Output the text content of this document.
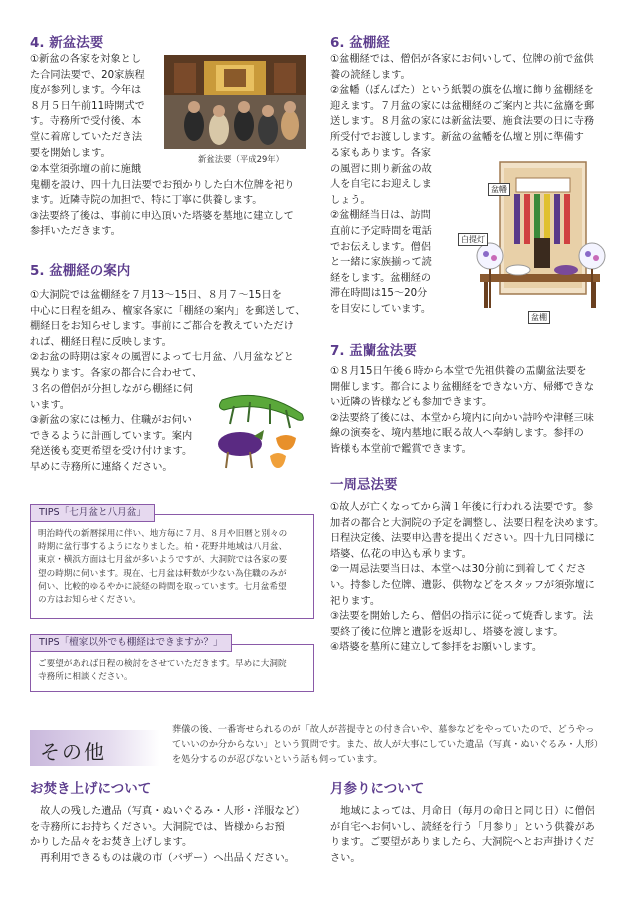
4. 新盆法要
①新盆の各家を対象とし
た合同法要で、20家族程
度が参列します。今年は
８月５日午前11時開式で
す。寺務所で受付後、本
堂に着席していただき法
要を開始します。
新盆法要（平成29年）
②本堂須弥壇の前に施餓
鬼棚を設け、四十九日法要でお預かりした白木位牌を祀り
ます。近隣寺院の加担で、特に丁寧に供養します。
③法要終了後は、事前に申込頂いた塔婆を墓地に建立して
参拝いただきます。
5. 盆棚経の案内
①大洞院では盆棚経を７月13～15日、８月７～15日を
中心に日程を組み、檀家各家に「棚経の案内」を郵送して、
棚経日をお知らせします。事前にご都合を教えていただけ
れば、棚経日程に反映します。
②お盆の時期は家々の風習によって七月盆、八月盆などと
異なります。各家の都合に合わせて、
３名の僧侶が分担しながら棚経に伺
います。
③新盆の家には極力、住職がお伺い
できるように計画しています。案内
発送後も変更希望を受け付けます。
早めに寺務所に連絡ください。
TIPS「七月盆と八月盆」
明治時代の新暦採用に伴い、地方毎に７月、８月や旧暦と別々の
時期に盆行事するようになりました。柏・花野井地域は八月盆、
東京・横浜方面は七月盆が多いようですが、大洞院では各家の要
望の時期に伺います。現在、七月盆は軒数が少ない為住職のみが
伺い、比較的ゆるやかに読経の時間を取っています。七月盆希望
の方はお知らせください。
TIPS「檀家以外でも棚経はできますか？」
ご要望があれば日程の検討をさせていただきます。早めに大洞院
寺務所に相談ください。
6. 盆棚経
①盆棚経では、僧侶が各家にお伺いして、位牌の前で盆供
養の読経します。
②盆幡（ぼんばた）という紙製の旗を仏壇に飾り盆棚経を
迎えます。７月盆の家には盆棚経のご案内と共に盆旛を郵
送します。８月盆の家には新盆法要、施食法要の日に寺務
所受付でお渡しします。新盆の盆幡を仏壇と別に準備す
る家もあります。各家
の風習に則り新盆の故
人を自宅にお迎えしま
しょう。
②盆棚経当日は、訪問
直前に予定時間を電話
でお伝えします。僧侶
と一緒に家族揃って読
経をします。盆棚経の
滞在時間は15～20分
を目安にしています。
盆幡
白提灯
盆棚
7. 盂蘭盆法要
①８月15日午後６時から本堂で先祖供養の盂蘭盆法要を
開催します。都合により盆棚経をできない方、帰郷できな
い近隣の皆様なども参加できます。
②法要終了後には、本堂から境内に向かい詩吟や津軽三味
線の演奏を、境内墓地に眠る故人へ奉納します。参拝の
皆様も本堂前で鑑賞できます。
一周忌法要
①故人が亡くなってから満１年後に行われる法要です。参
加者の都合と大洞院の予定を調整し、法要日程を決めます。
日程決定後、法要申込書を提出ください。四十九日同様に
塔婆、仏花の申込も承ります。
②一周忌法要当日は、本堂へは30分前に到着してくださ
い。持参した位牌、遺影、供物などをスタッフが須弥壇に
祀ります。
③法要を開始したら、僧侶の指示に従って焼香します。法
要終了後に位牌と遺影を返却し、塔婆を渡します。
④塔婆を墓所に建立して参拝をお願いします。
その他
葬儀の後、一番寄せられるのが「故人が菩提寺との付き合いや、墓参などをやっていたので、どうやっ
ていいのか分からない」という質問です。また、故人が大事にしていた遺品（写真・ぬいぐるみ・人形）
を処分するのが忍びないという話も伺っています。
お焚き上げについて
　故人の残した遺品（写真・ぬいぐるみ・人形・洋服など）
を寺務所にお持ちください。大洞院では、皆様からお預
かりした品々をお焚き上げします。
　再利用できるものは歳の市（バザー）へ出品ください。
月参りについて
　地域によっては、月命日（毎月の命日と同じ日）に僧侶
が自宅へお伺いし、読経を行う「月参り」という供養があ
ります。ご要望がありましたら、大洞院へとお声掛けくだ
さい。
